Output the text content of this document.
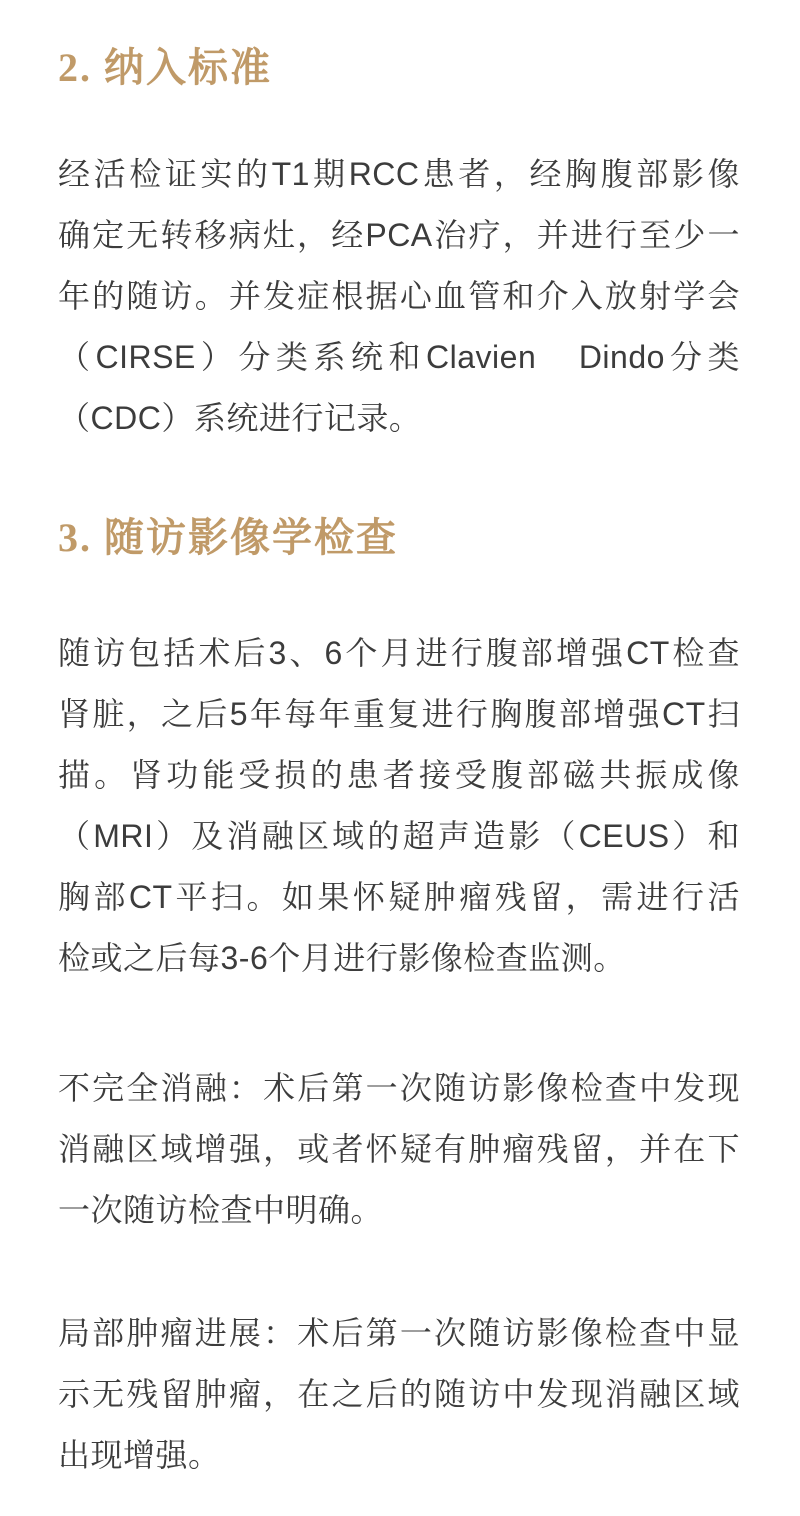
2. 纳入标准

经活检证实的T1期RCC患者，经胸腹部影像
确定无转移病灶，经PCA治疗，并进行至少一
年的随访。并发症根据心血管和介入放射学会
（CIRSE）分类系统和Clavien　Dindo分类
（CDC）系统进行记录。

3. 随访影像学检查

随访包括术后3、6个月进行腹部增强CT检查
肾脏，之后5年每年重复进行胸腹部增强CT扫
描。肾功能受损的患者接受腹部磁共振成像
（MRI）及消融区域的超声造影（CEUS）和
胸部CT平扫。如果怀疑肿瘤残留，需进行活
检或之后每3-6个月进行影像检查监测。

不完全消融：术后第一次随访影像检查中发现
消融区域增强，或者怀疑有肿瘤残留，并在下
一次随访检查中明确。

局部肿瘤进展：术后第一次随访影像检查中显
示无残留肿瘤，在之后的随访中发现消融区域
出现增强。
